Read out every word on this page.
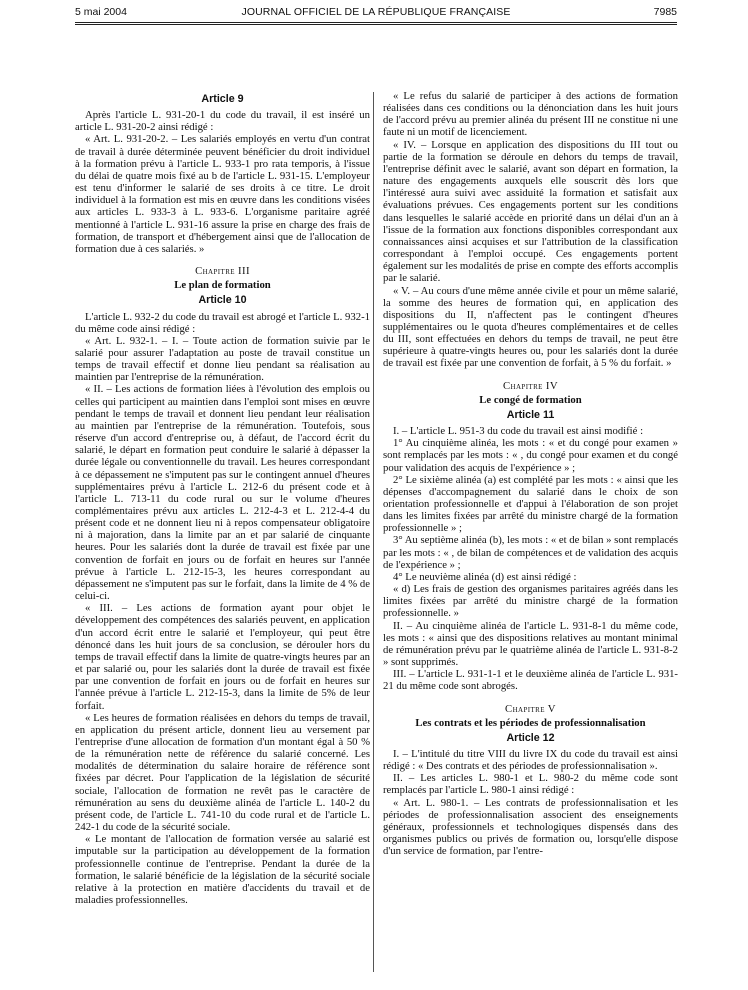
5 mai 2004	JOURNAL OFFICIEL DE LA RÉPUBLIQUE FRANÇAISE	7985

Article 9

Après l'article L. 931-20-1 du code du travail, il est inséré un article L. 931-20-2 ainsi rédigé :

« Art. L. 931-20-2. – Les salariés employés en vertu d'un contrat de travail à durée déterminée peuvent bénéficier du droit individuel à la formation prévu à l'article L. 933-1 pro rata temporis, à l'issue du délai de quatre mois fixé au b de l'article L. 931-15. L'employeur est tenu d'informer le salarié de ses droits à ce titre. Le droit individuel à la formation est mis en œuvre dans les conditions visées aux articles L. 933-3 à L. 933-6. L'organisme paritaire agréé mentionné à l'article L. 931-16 assure la prise en charge des frais de formation, de transport et d'hébergement ainsi que de l'allocation de formation due à ces salariés. »

Chapitre III

Le plan de formation

Article 10

L'article L. 932-2 du code du travail est abrogé et l'article L. 932-1 du même code ainsi rédigé :

« Art. L. 932-1. – I. – Toute action de formation suivie par le salarié pour assurer l'adaptation au poste de travail constitue un temps de travail effectif et donne lieu pendant sa réalisation au maintien par l'entreprise de la rémunération.

« II. – Les actions de formation liées à l'évolution des emplois ou celles qui participent au maintien dans l'emploi sont mises en œuvre pendant le temps de travail et donnent lieu pendant leur réalisation au maintien par l'entreprise de la rémunération. Toutefois, sous réserve d'un accord d'entreprise ou, à défaut, de l'accord écrit du salarié, le départ en formation peut conduire le salarié à dépasser la durée légale ou conventionnelle du travail. Les heures correspondant à ce dépassement ne s'imputent pas sur le contingent annuel d'heures supplémentaires prévu à l'article L. 212-6 du présent code et à l'article L. 713-11 du code rural ou sur le volume d'heures complémentaires prévu aux articles L. 212-4-3 et L. 212-4-4 du présent code et ne donnent lieu ni à repos compensateur obligatoire ni à majoration, dans la limite par an et par salarié de cinquante heures. Pour les salariés dont la durée de travail est fixée par une convention de forfait en jours ou de forfait en heures sur l'année prévue à l'article L. 212-15-3, les heures correspondant au dépassement ne s'imputent pas sur le forfait, dans la limite de 4 % de celui-ci.

« III. – Les actions de formation ayant pour objet le développement des compétences des salariés peuvent, en application d'un accord écrit entre le salarié et l'employeur, qui peut être dénoncé dans les huit jours de sa conclusion, se dérouler hors du temps de travail effectif dans la limite de quatre-vingts heures par an et par salarié ou, pour les salariés dont la durée de travail est fixée par une convention de forfait en jours ou de forfait en heures sur l'année prévue à l'article L. 212-15-3, dans la limite de 5% de leur forfait.

« Les heures de formation réalisées en dehors du temps de travail, en application du présent article, donnent lieu au versement par l'entreprise d'une allocation de formation d'un montant égal à 50 % de la rémunération nette de référence du salarié concerné. Les modalités de détermination du salaire horaire de référence sont fixées par décret. Pour l'application de la législation de sécurité sociale, l'allocation de formation ne revêt pas le caractère de rémunération au sens du deuxième alinéa de l'article L. 140-2 du présent code, de l'article L. 741-10 du code rural et de l'article L. 242-1 du code de la sécurité sociale.

« Le montant de l'allocation de formation versée au salarié est imputable sur la participation au développement de la formation professionnelle continue de l'entreprise. Pendant la durée de la formation, le salarié bénéficie de la législation de la sécurité sociale relative à la protection en matière d'accidents du travail et de maladies professionnelles.

« Le refus du salarié de participer à des actions de formation réalisées dans ces conditions ou la dénonciation dans les huit jours de l'accord prévu au premier alinéa du présent III ne constitue ni une faute ni un motif de licenciement.

« IV. – Lorsque en application des dispositions du III tout ou partie de la formation se déroule en dehors du temps de travail, l'entreprise définit avec le salarié, avant son départ en formation, la nature des engagements auxquels elle souscrit dès lors que l'intéressé aura suivi avec assiduité la formation et satisfait aux évaluations prévues. Ces engagements portent sur les conditions dans lesquelles le salarié accède en priorité dans un délai d'un an à l'issue de la formation aux fonctions disponibles correspondant aux connaissances ainsi acquises et sur l'attribution de la classification correspondant à l'emploi occupé. Ces engagements portent également sur les modalités de prise en compte des efforts accomplis par le salarié.

« V. – Au cours d'une même année civile et pour un même salarié, la somme des heures de formation qui, en application des dispositions du II, n'affectent pas le contingent d'heures supplémentaires ou le quota d'heures complémentaires et de celles du III, sont effectuées en dehors du temps de travail, ne peut être supérieure à quatre-vingts heures ou, pour les salariés dont la durée de travail est fixée par une convention de forfait, à 5 % du forfait. »

Chapitre IV

Le congé de formation

Article 11

I. – L'article L. 951-3 du code du travail est ainsi modifié :

1° Au cinquième alinéa, les mots : « et du congé pour examen » sont remplacés par les mots : « , du congé pour examen et du congé pour validation des acquis de l'expérience » ;

2° Le sixième alinéa (a) est complété par les mots : « ainsi que les dépenses d'accompagnement du salarié dans le choix de son orientation professionnelle et d'appui à l'élaboration de son projet dans les limites fixées par arrêté du ministre chargé de la formation professionnelle » ;

3° Au septième alinéa (b), les mots : « et de bilan » sont remplacés par les mots : « , de bilan de compétences et de validation des acquis de l'expérience » ;

4° Le neuvième alinéa (d) est ainsi rédigé :

« d) Les frais de gestion des organismes paritaires agréés dans les limites fixées par arrêté du ministre chargé de la formation professionnelle. »

II. – Au cinquième alinéa de l'article L. 931-8-1 du même code, les mots : « ainsi que des dispositions relatives au montant minimal de rémunération prévu par le quatrième alinéa de l'article L. 931-8-2 » sont supprimés.

III. – L'article L. 931-1-1 et le deuxième alinéa de l'article L. 931-21 du même code sont abrogés.

Chapitre V

Les contrats et les périodes de professionnalisation

Article 12

I. – L'intitulé du titre VIII du livre IX du code du travail est ainsi rédigé : « Des contrats et des périodes de professionnalisation ».

II. – Les articles L. 980-1 et L. 980-2 du même code sont remplacés par l'article L. 980-1 ainsi rédigé :

« Art. L. 980-1. – Les contrats de professionnalisation et les périodes de professionnalisation associent des enseignements généraux, professionnels et technologiques dispensés dans des organismes publics ou privés de formation ou, lorsqu'elle dispose d'un service de formation, par l'entre-
